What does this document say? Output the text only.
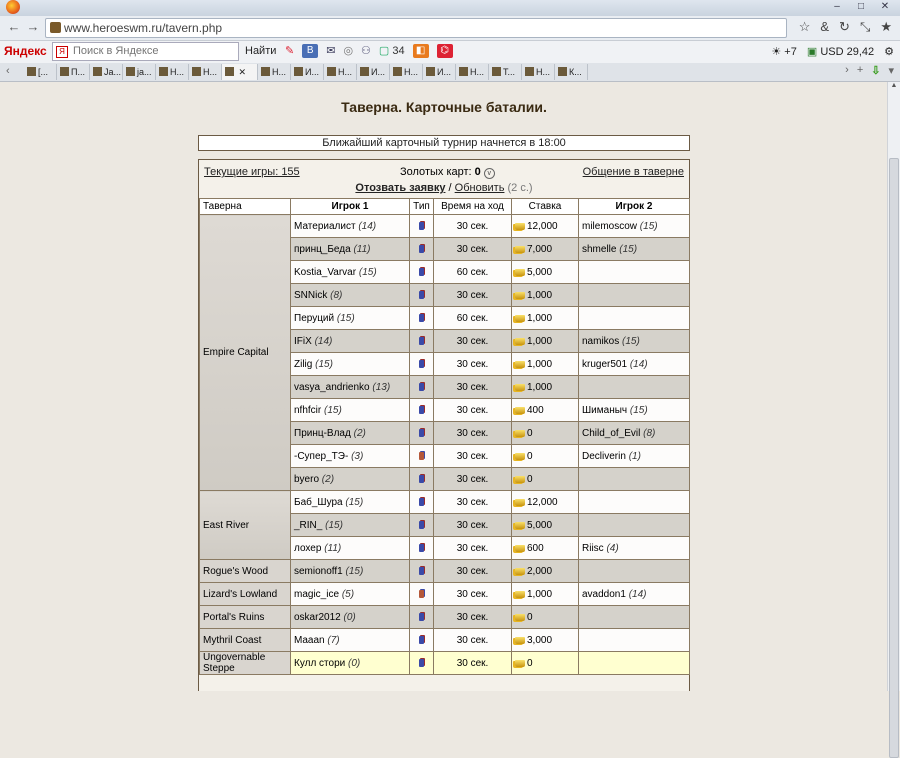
–	□	✕
← → www.heroeswm.ru/tavern.php	☆ & ↻ ⤡ ★
Яндекс	Я
Поиск в Яндексе	Найти ✎	B	✉ ◎ ⚇ ▢ 34	◧	⌬	☀ +7 ▣ USD 29,42 ⚙
‹	[...	П...	Ja...	ja...	Н...	Н...	✕	Н...	И...	Н...	И...	Н...	И...	Н...	Т...	Н...	К...	› + ⇩ ▾
Таверна. Карточные баталии.
Ближайший карточный турнир начнется в 18:00
Текущие игры: 155	Золотых карт: 0 v	Общение в таверне
Отозвать заявку / Обновить (2 с.)
Таверна	Игрок 1	Тип	Время на ход	Ставка	Игрок 2
Empire Capital	Материалист (14)		30 сек.	12,000	milemoscow (15)
	принц_Беда (11)		30 сек.	7,000	shmelle (15)
	Kostia_Varvar (15)		60 сек.	5,000	
	SNNick (8)		30 сек.	1,000	
	Перуций (15)		60 сек.	1,000	
	IFiX (14)		30 сек.	1,000	namikos (15)
	Zilig (15)		30 сек.	1,000	kruger501 (14)
	vasya_andrienko (13)		30 сек.	1,000	
	nfhfcir (15)		30 сек.	400	Шиманыч (15)
	Принц-Влад (2)		30 сек.	0	Child_of_Evil (8)
	-Супер_ТЭ- (3)		30 сек.	0	Decliverin (1)
	byero (2)		30 сек.	0	
East River	Баб_Шура (15)		30 сек.	12,000	
	_RIN_ (15)		30 сек.	5,000	
	лохер (11)		30 сек.	600	Riisc (4)
Rogue's Wood	semionoff1 (15)		30 сек.	2,000	
Lizard's Lowland	magic_ice (5)		30 сек.	1,000	avaddon1 (14)
Portal's Ruins	oskar2012 (0)		30 сек.	0	
Mythril Coast	Maaan (7)		30 сек.	3,000	
Ungovernable Steppe	Кулл стори (0)		30 сек.	0	
▲
